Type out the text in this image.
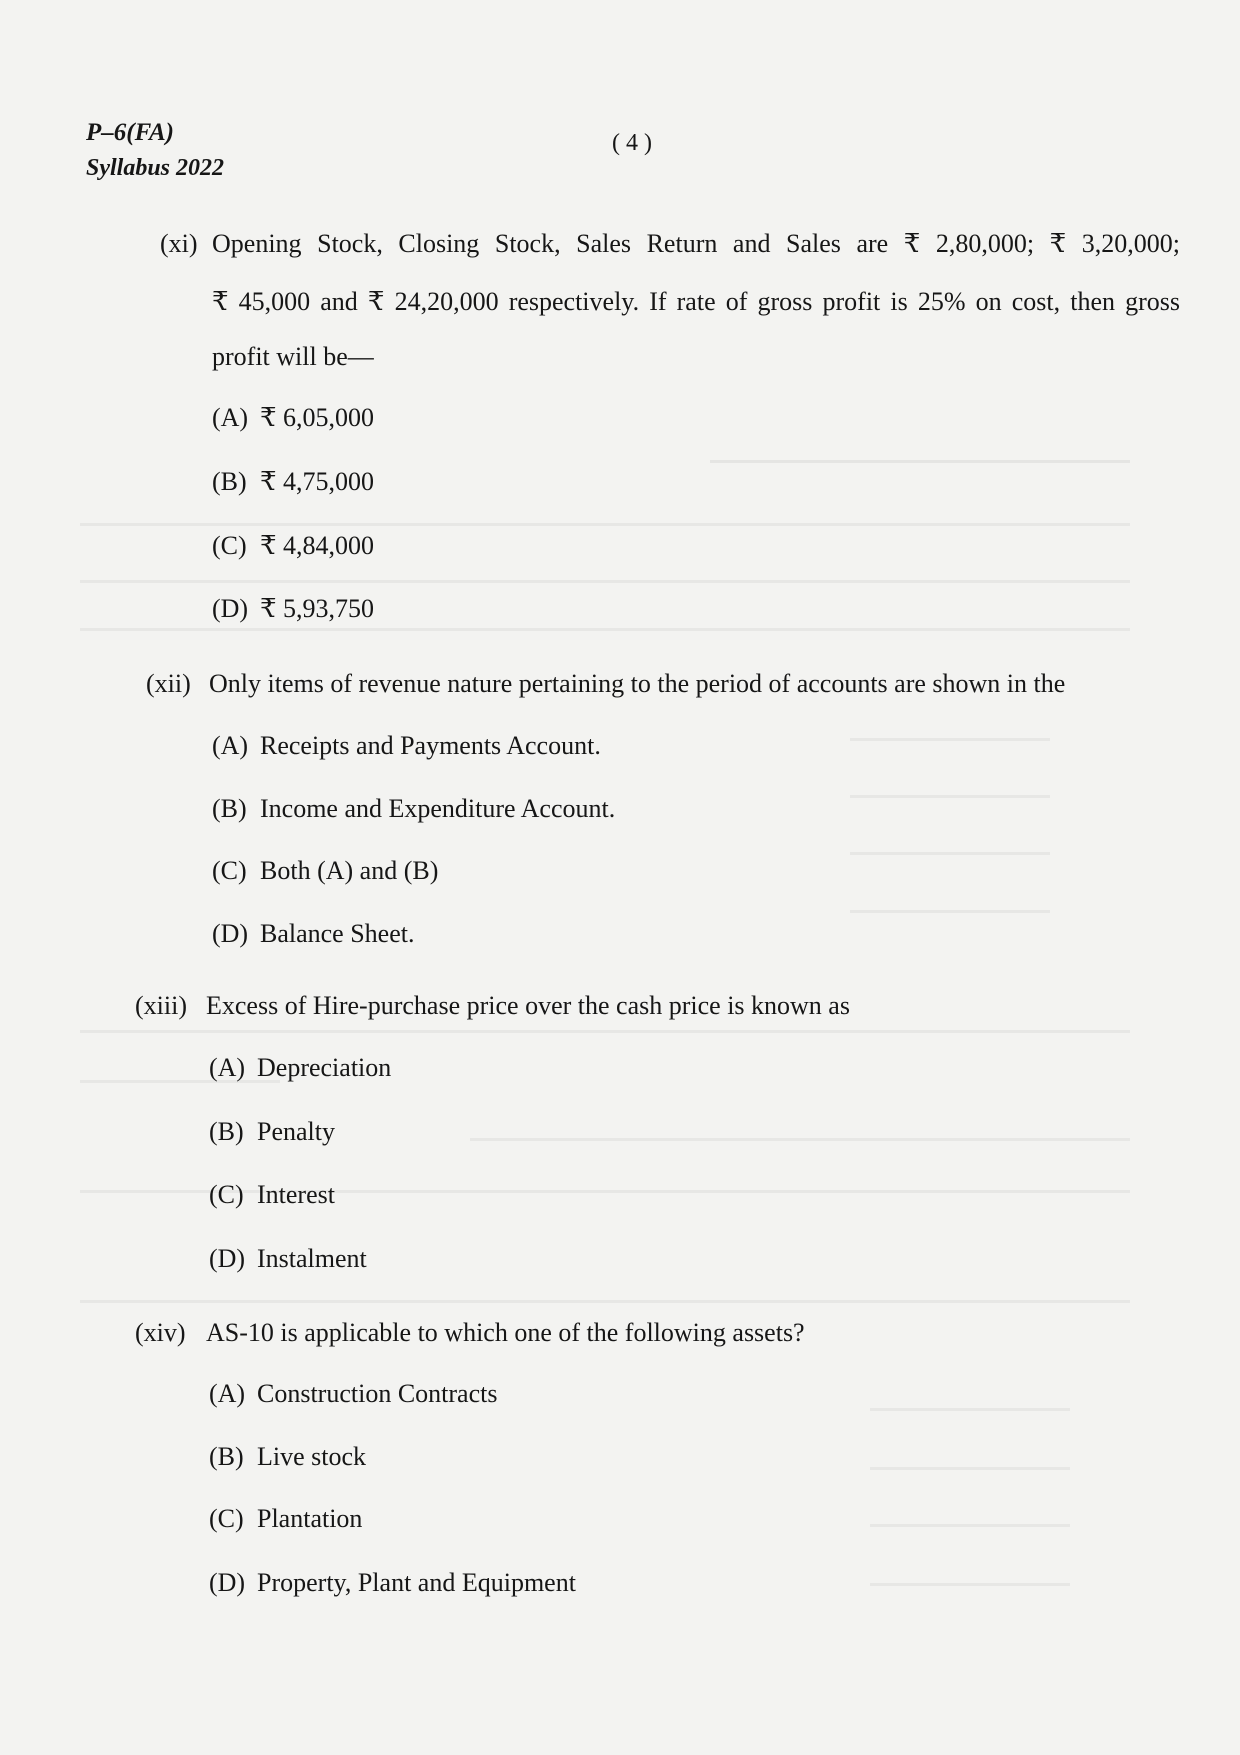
P–6(FA)
Syllabus 2022
( 4 )
(xi) Opening Stock, Closing Stock, Sales Return and Sales are ₹ 2,80,000; ₹ 3,20,000;
₹ 45,000 and ₹ 24,20,000 respectively. If rate of gross profit is 25% on cost, then gross
profit will be—
(A) ₹ 6,05,000
(B) ₹ 4,75,000
(C) ₹ 4,84,000
(D) ₹ 5,93,750
(xii) Only items of revenue nature pertaining to the period of accounts are shown in the
(A) Receipts and Payments Account.
(B) Income and Expenditure Account.
(C) Both (A) and (B)
(D) Balance Sheet.
(xiii) Excess of Hire-purchase price over the cash price is known as
(A) Depreciation
(B) Penalty
(C) Interest
(D) Instalment
(xiv) AS-10 is applicable to which one of the following assets?
(A) Construction Contracts
(B) Live stock
(C) Plantation
(D) Property, Plant and Equipment
